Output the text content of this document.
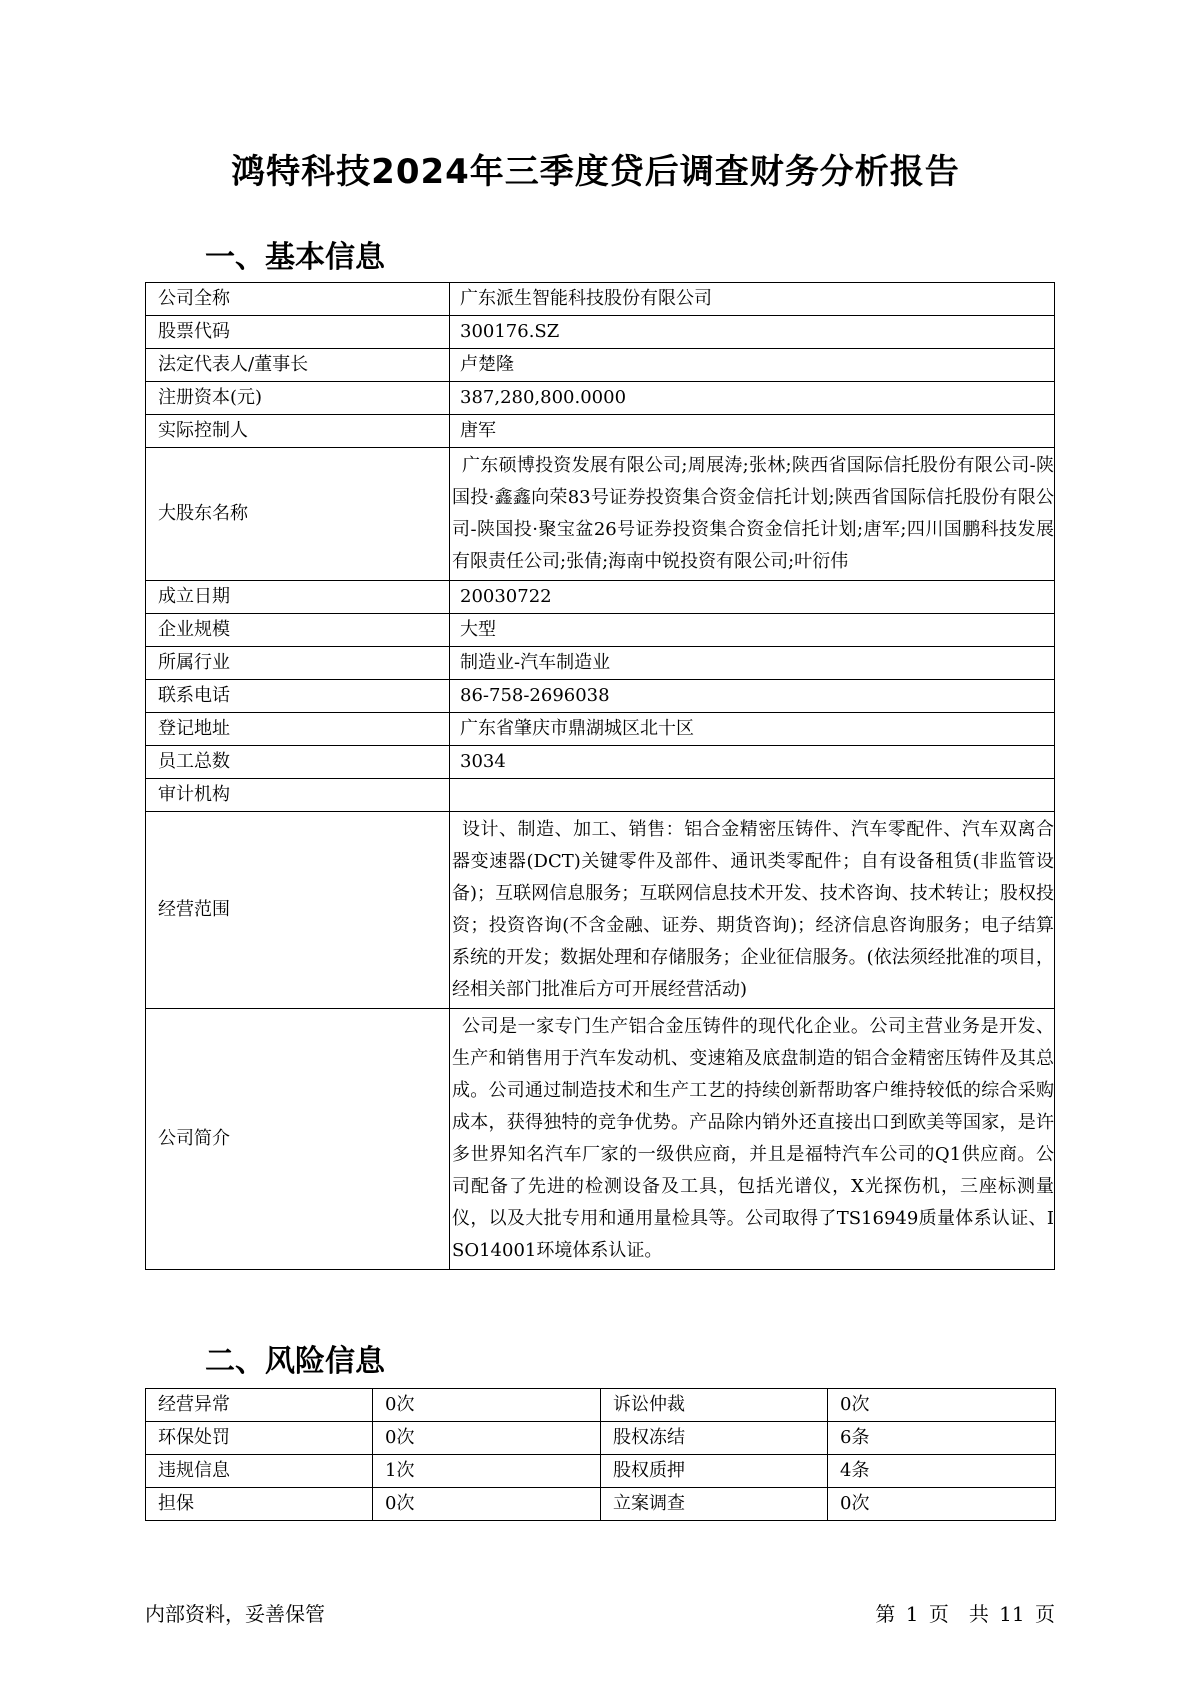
鸿特科技2024年三季度贷后调查财务分析报告
一、基本信息
公司全称	广东派生智能科技股份有限公司
股票代码	300176.SZ
法定代表人/董事长	卢楚隆
注册资本(元)	387,280,800.0000
实际控制人	唐军
大股东名称	广东硕博投资发展有限公司;周展涛;张林;陕西省国际信托股份有限公司-陕国投·鑫鑫向荣83号证券投资集合资金信托计划;陕西省国际信托股份有限公司-陕国投·聚宝盆26号证券投资集合资金信托计划;唐军;四川国鹏科技发展有限责任公司;张倩;海南中锐投资有限公司;叶衍伟
成立日期	20030722
企业规模	大型
所属行业	制造业-汽车制造业
联系电话	86-758-2696038
登记地址	广东省肇庆市鼎湖城区北十区
员工总数	3034
审计机构	
经营范围	设计、制造、加工、销售：铝合金精密压铸件、汽车零配件、汽车双离合器变速器(DCT)关键零件及部件、通讯类零配件；自有设备租赁(非监管设备)；互联网信息服务；互联网信息技术开发、技术咨询、技术转让；股权投资；投资咨询(不含金融、证券、期货咨询)；经济信息咨询服务；电子结算系统的开发；数据处理和存储服务；企业征信服务。(依法须经批准的项目，经相关部门批准后方可开展经营活动)
公司简介	公司是一家专门生产铝合金压铸件的现代化企业。公司主营业务是开发、生产和销售用于汽车发动机、变速箱及底盘制造的铝合金精密压铸件及其总成。公司通过制造技术和生产工艺的持续创新帮助客户维持较低的综合采购成本，获得独特的竞争优势。产品除内销外还直接出口到欧美等国家，是许多世界知名汽车厂家的一级供应商，并且是福特汽车公司的Q1供应商。公司配备了先进的检测设备及工具，包括光谱仪，X光探伤机，三座标测量仪，以及大批专用和通用量检具等。公司取得了TS16949质量体系认证、ISO14001环境体系认证。
二、风险信息
经营异常	0次	诉讼仲裁	0次
环保处罚	0次	股权冻结	6条
违规信息	1次	股权质押	4条
担保	0次	立案调查	0次
内部资料，妥善保管	第 1 页　共 11 页
